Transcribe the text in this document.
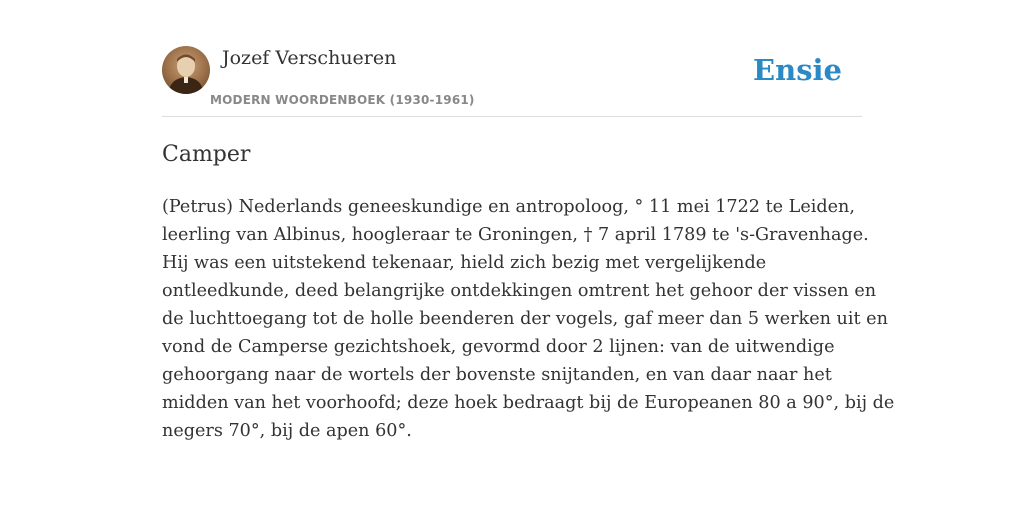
Jozef Verschueren
MODERN WOORDENBOEK (1930-1961)
Ensie
Camper

(Petrus) Nederlands geneeskundige en antropoloog, ° 11 mei 1722 te Leiden,
leerling van Albinus, hoogleraar te Groningen, † 7 april 1789 te 's-Gravenhage.
Hij was een uitstekend tekenaar, hield zich bezig met vergelijkende
ontleedkunde, deed belangrijke ontdekkingen omtrent het gehoor der vissen en
de luchttoegang tot de holle beenderen der vogels, gaf meer dan 5 werken uit en
vond de Camperse gezichtshoek, gevormd door 2 lijnen: van de uitwendige
gehoorgang naar de wortels der bovenste snijtanden, en van daar naar het
midden van het voorhoofd; deze hoek bedraagt bij de Europeanen 80 a 90°, bij de
negers 70°, bij de apen 60°.
